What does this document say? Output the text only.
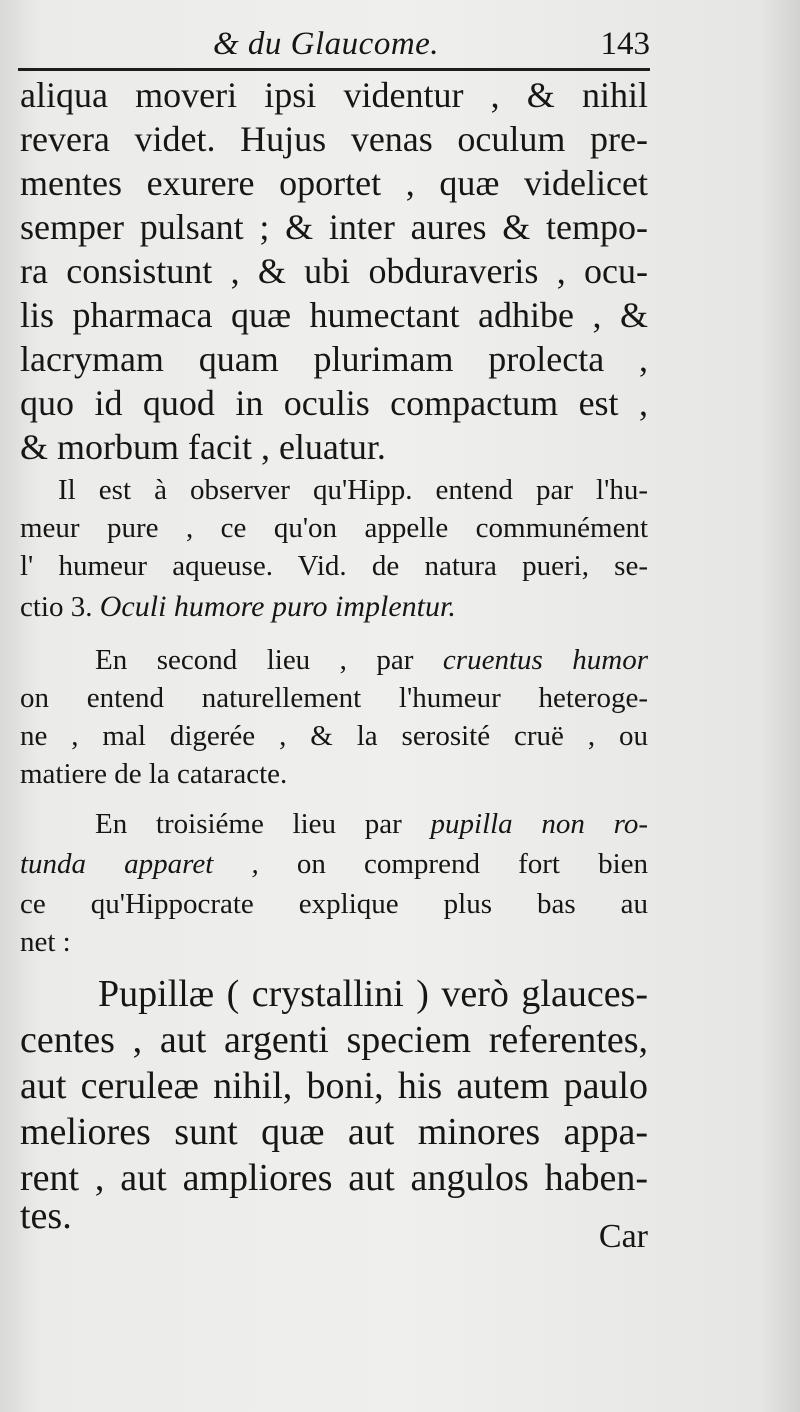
& du Glaucome.	143
aliqua moveri ipsi videntur , & nihil
revera videt. Hujus venas oculum pre-
mentes exurere oportet , quæ videlicet
semper pulsant ; & inter aures & tempo-
ra consistunt , & ubi obduraveris , ocu-
lis pharmaca quæ humectant adhibe , &
lacrymam quam plurimam prolecta ,
quo id quod in oculis compactum est ,
& morbum facit , eluatur.
Il est à observer qu'Hipp. entend par l'hu-
meur pure , ce qu'on appelle communément
l' humeur aqueuse. Vid. de natura pueri, se-
ctio 3. Oculi humore puro implentur.
En second lieu , par cruentus humor
on entend naturellement l'humeur heteroge-
ne , mal digerée , & la serosité cruë , ou
matiere de la cataracte.
En troisiéme lieu par pupilla non ro-
tunda apparet , on comprend fort bien
ce qu'Hippocrate explique plus bas au
net :
Pupillæ ( crystallini ) verò glauces-
centes , aut argenti speciem referentes,
aut ceruleæ nihil, boni, his autem paulo
meliores sunt quæ aut minores appa-
rent , aut ampliores aut angulos haben-
tes.	Car
